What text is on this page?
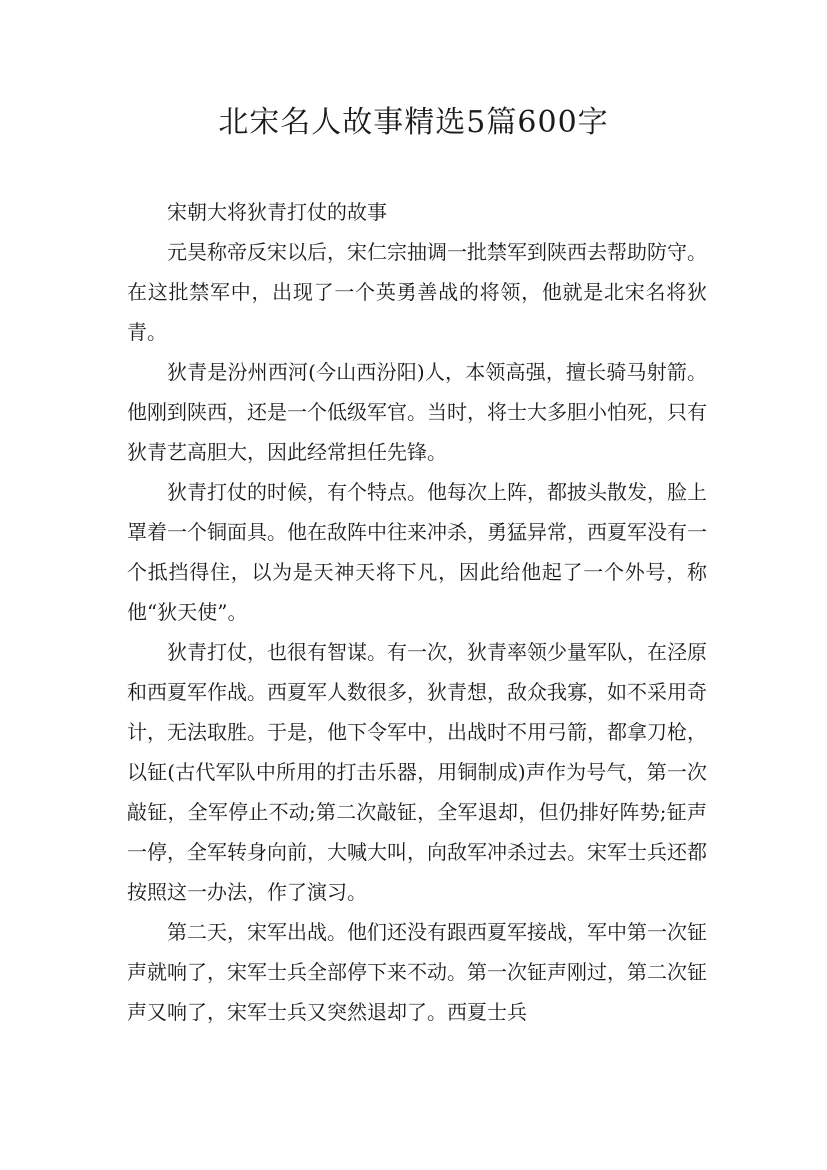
北宋名人故事精选5篇600字

宋朝大将狄青打仗的故事

元昊称帝反宋以后，宋仁宗抽调一批禁军到陕西去帮助防守。在这批禁军中，出现了一个英勇善战的将领，他就是北宋名将狄青。

狄青是汾州西河(今山西汾阳)人，本领高强，擅长骑马射箭。他刚到陕西，还是一个低级军官。当时，将士大多胆小怕死，只有狄青艺高胆大，因此经常担任先锋。

狄青打仗的时候，有个特点。他每次上阵，都披头散发，脸上罩着一个铜面具。他在敌阵中往来冲杀，勇猛异常，西夏军没有一个抵挡得住，以为是天神天将下凡，因此给他起了一个外号，称他“狄天使”。

狄青打仗，也很有智谋。有一次，狄青率领少量军队，在泾原和西夏军作战。西夏军人数很多，狄青想，敌众我寡，如不采用奇计，无法取胜。于是，他下令军中，出战时不用弓箭，都拿刀枪，以钲(古代军队中所用的打击乐器，用铜制成)声作为号气，第一次敲钲，全军停止不动;第二次敲钲，全军退却，但仍排好阵势;钲声一停，全军转身向前，大喊大叫，向敌军冲杀过去。宋军士兵还都按照这一办法，作了演习。

第二天，宋军出战。他们还没有跟西夏军接战，军中第一次钲声就响了，宋军士兵全部停下来不动。第一次钲声刚过，第二次钲声又响了，宋军士兵又突然退却了。西夏士兵
